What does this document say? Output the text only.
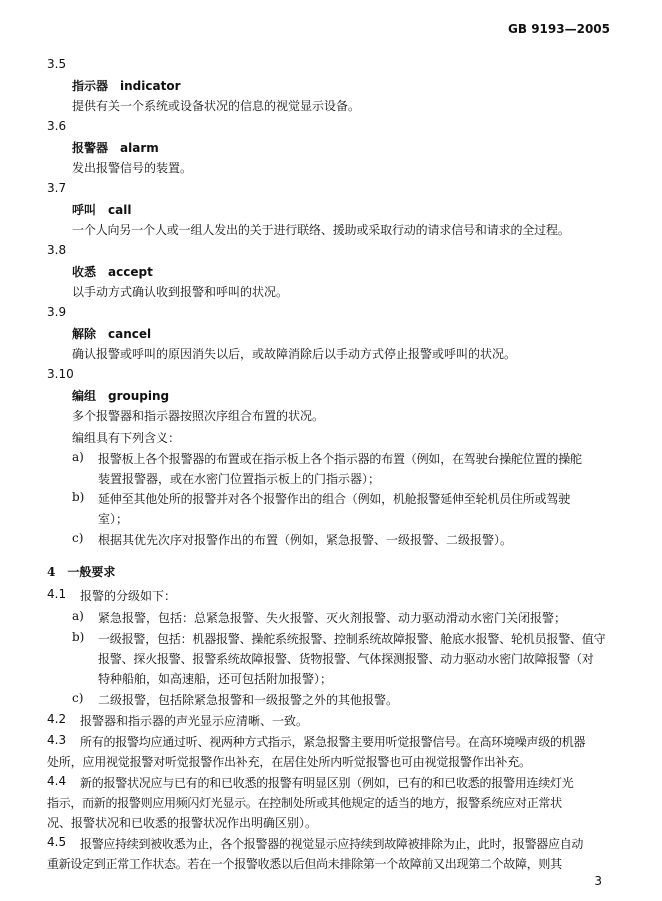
GB 9193—2005
3.5
指示器 indicator
提供有关一个系统或设备状况的信息的视觉显示设备。
3.6
报警器 alarm
发出报警信号的装置。
3.7
呼叫 call
一个人向另一个人或一组人发出的关于进行联络、援助或采取行动的请求信号和请求的全过程。
3.8
收悉 accept
以手动方式确认收到报警和呼叫的状况。
3.9
解除 cancel
确认报警或呼叫的原因消失以后，或故障消除后以手动方式停止报警或呼叫的状况。
3.10
编组 grouping
多个报警器和指示器按照次序组合布置的状况。
编组具有下列含义：
a) 报警板上各个报警器的布置或在指示板上各个指示器的布置（例如，在驾驶台操舵位置的操舵
装置报警器，或在水密门位置指示板上的门指示器）；
b) 延伸至其他处所的报警并对各个报警作出的组合（例如，机舱报警延伸至轮机员住所或驾驶
室）；
c) 根据其优先次序对报警作出的布置（例如，紧急报警、一级报警、二级报警）。
4 一般要求
4.1 报警的分级如下：
a) 紧急报警，包括：总紧急报警、失火报警、灭火剂报警、动力驱动滑动水密门关闭报警；
b) 一级报警，包括：机器报警、操舵系统报警、控制系统故障报警、舱底水报警、轮机员报警、值守
报警、探火报警、报警系统故障报警、货物报警、气体探测报警、动力驱动水密门故障报警（对
特种船舶，如高速船，还可包括附加报警）；
c) 二级报警，包括除紧急报警和一级报警之外的其他报警。
4.2 报警器和指示器的声光显示应清晰、一致。
4.3 所有的报警均应通过听、视两种方式指示，紧急报警主要用听觉报警信号。在高环境噪声级的机器
处所，应用视觉报警对听觉报警作出补充，在居住处所内听觉报警也可由视觉报警作出补充。
4.4 新的报警状况应与已有的和已收悉的报警有明显区别（例如，已有的和已收悉的报警用连续灯光
指示，而新的报警则应用频闪灯光显示。在控制处所或其他规定的适当的地方，报警系统应对正常状
况、报警状况和已收悉的报警状况作出明确区别）。
4.5 报警应持续到被收悉为止，各个报警器的视觉显示应持续到故障被排除为止，此时，报警器应自动
重新设定到正常工作状态。若在一个报警收悉以后但尚未排除第一个故障前又出现第二个故障，则其
3
